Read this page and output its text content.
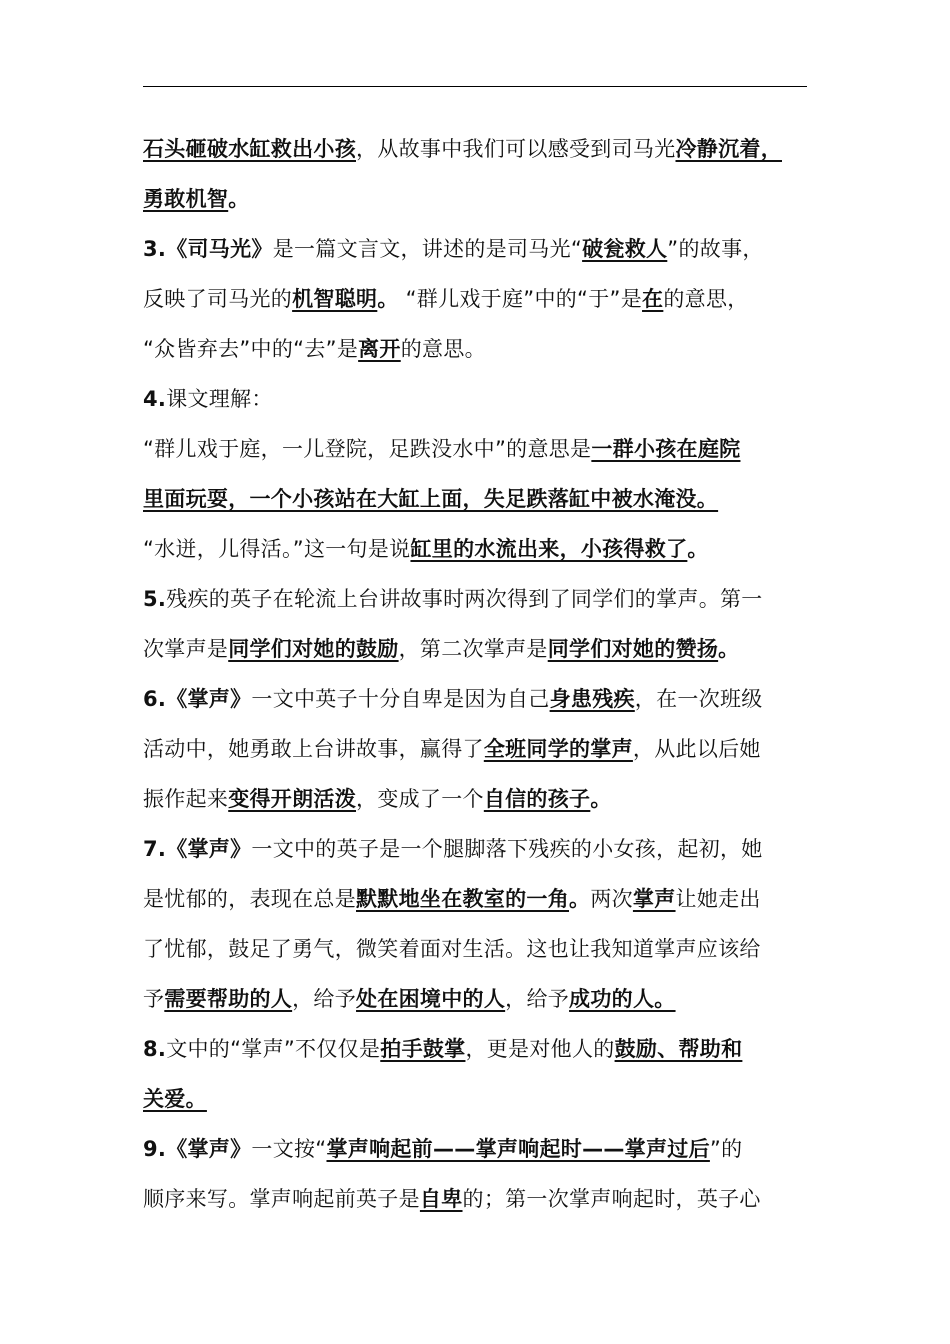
石头砸破水缸救出小孩，从故事中我们可以感受到司马光冷静沉着，
勇敢机智。
3.《司马光》是一篇文言文，讲述的是司马光“破瓮救人”的故事，
反映了司马光的机智聪明。 “群儿戏于庭”中的“于”是在的意思，
“众皆弃去”中的“去”是离开的意思。
4.课文理解：
“群儿戏于庭，一儿登院，足跌没水中”的意思是一群小孩在庭院
里面玩耍，一个小孩站在大缸上面，失足跌落缸中被水淹没。
“水迸，儿得活。”这一句是说缸里的水流出来，小孩得救了。
5.残疾的英子在轮流上台讲故事时两次得到了同学们的掌声。第一
次掌声是同学们对她的鼓励，第二次掌声是同学们对她的赞扬。
6.《掌声》一文中英子十分自卑是因为自己身患残疾，在一次班级
活动中，她勇敢上台讲故事，赢得了全班同学的掌声，从此以后她
振作起来变得开朗活泼，变成了一个自信的孩子。
7.《掌声》一文中的英子是一个腿脚落下残疾的小女孩，起初，她
是忧郁的，表现在总是默默地坐在教室的一角。两次掌声让她走出
了忧郁，鼓足了勇气，微笑着面对生活。这也让我知道掌声应该给
予需要帮助的人，给予处在困境中的人，给予成功的人。
8.文中的“掌声”不仅仅是拍手鼓掌，更是对他人的鼓励、帮助和
关爱。
9.《掌声》一文按“掌声响起前——掌声响起时——掌声过后”的
顺序来写。掌声响起前英子是自卑的；第一次掌声响起时，英子心
